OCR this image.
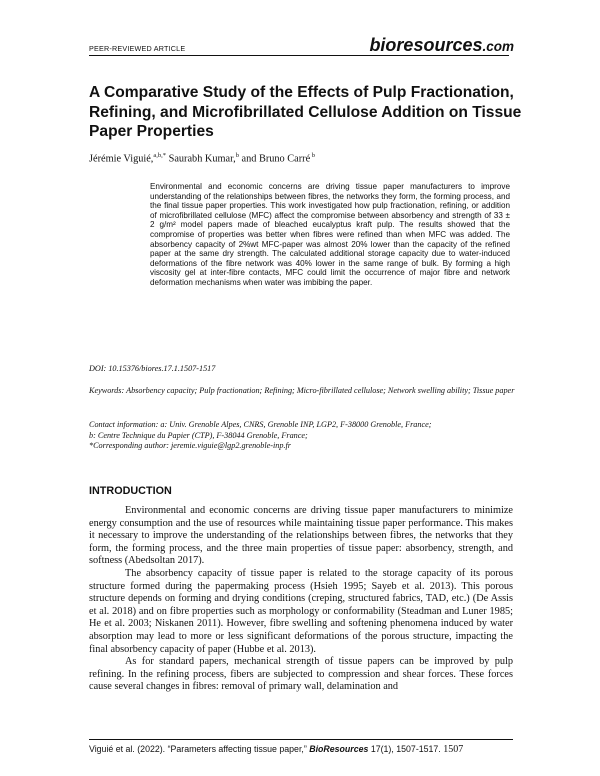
PEER-REVIEWED ARTICLE	bioresources.com
A Comparative Study of the Effects of Pulp Fractionation, Refining, and Microfibrillated Cellulose Addition on Tissue Paper Properties
Jérémie Viguié,$^{a,b,*}$ Saurabh Kumar,$^b$ and Bruno Carré $^b$

Environmental and economic concerns are driving tissue paper manufacturers to improve understanding of the relationships between fibres, the networks they form, the forming process, and the final tissue paper properties. This work investigated how pulp fractionation, refining, or addition of microfibrillated cellulose (MFC) affect the compromise between absorbency and strength of 33 ± 2 g/m² model papers made of bleached eucalyptus kraft pulp. The results showed that the compromise of properties was better when fibres were refined than when MFC was added. The absorbency capacity of 2%wt MFC-paper was almost 20% lower than the capacity of the refined paper at the same dry strength. The calculated additional storage capacity due to water-induced deformations of the fibre network was 40% lower in the same range of bulk. By forming a high viscosity gel at inter-fibre contacts, MFC could limit the occurrence of major fibre and network deformation mechanisms when water was imbibing the paper.

DOI: 10.15376/biores.17.1.1507-1517
Keywords: Absorbency capacity; Pulp fractionation; Refining; Micro-fibrillated cellulose; Network swelling ability; Tissue paper
Contact information: a: Univ. Grenoble Alpes, CNRS, Grenoble INP, LGP2, F-38000 Grenoble, France;
b: Centre Technique du Papier (CTP), F-38044 Grenoble, France;
*Corresponding author: jeremie.viguie@lgp2.grenoble-inp.fr
INTRODUCTION

Environmental and economic concerns are driving tissue paper manufacturers to minimize energy consumption and the use of resources while maintaining tissue paper performance. This makes it necessary to improve the understanding of the relationships between fibres, the networks that they form, the forming process, and the three main properties of tissue paper: absorbency, strength, and softness (Abedsoltan 2017).

The absorbency capacity of tissue paper is related to the storage capacity of its porous structure formed during the papermaking process (Hsieh 1995; Sayeb et al. 2013). This porous structure depends on forming and drying conditions (creping, structured fabrics, TAD, etc.) (De Assis et al. 2018) and on fibre properties such as morphology or conformability (Steadman and Luner 1985; He et al. 2003; Niskanen 2011). However, fibre swelling and softening phenomena induced by water absorption may lead to more or less significant deformations of the porous structure, impacting the final absorbency capacity of paper (Hubbe et al. 2013).

As for standard papers, mechanical strength of tissue papers can be improved by pulp refining. In the refining process, fibers are subjected to compression and shear forces. These forces cause several changes in fibres: removal of primary wall, delamination and

Viguié et al. (2022). “Parameters affecting tissue paper,” BioResources 17(1), 1507-1517. 1507
